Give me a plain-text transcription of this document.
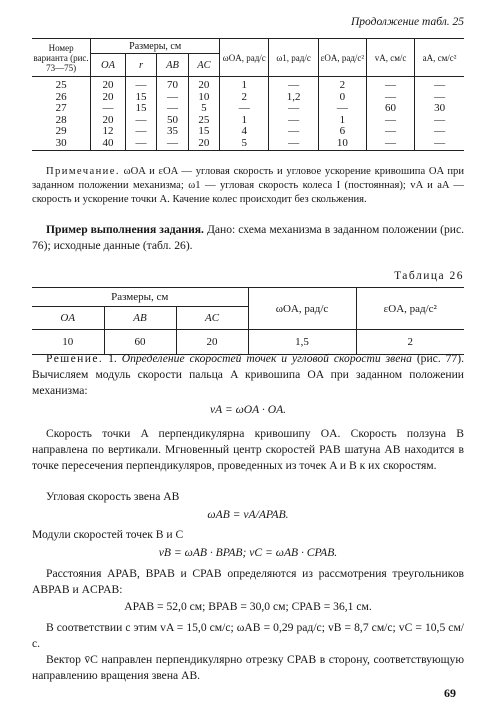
Продолжение табл. 25
Номер варианта (рис. 73—75)	Размеры, см				ωOA, рад/с	ω1, рад/с	εOA, рад/с²	vA, см/с	aA, см/с²
	OA	r	AB	AC					
25	20	—	70	20	1	—	2	—	—
26	20	15	—	10	2	1,2	0	—	—
27	—	15	—	5	—	—	—	60	30
28	20	—	50	25	1	—	1	—	—
29	12	—	35	15	4	—	6	—	—
30	40	—	—	20	5	—	10	—	—
Примечание. ωOA и εOA — угловая скорость и угловое ускорение кривошипа OA при заданном положении механизма; ω1 — угловая скорость колеса I (постоянная); vA и aA — скорость и ускорение точки A. Качение колес происходит без скольжения.
Пример выполнения задания. Дано: схема механизма в заданном положении (рис. 76); исходные данные (табл. 26).
Таблица 26
Размеры, см			ωOA, рад/с	εOA, рад/с²
OA	AB	AC		
10	60	20	1,5	2
Решение. 1. Определение скоростей точек и угловой скорости звена (рис. 77). Вычисляем модуль скорости пальца A кривошипа OA при заданном положении механизма:
vA = ωOA · OA.
Скорость точки A перпендикулярна кривошипу OA. Скорость ползуна B направлена по вертикали. Мгновенный центр скоростей PAB шатуна AB находится в точке пересечения перпендикуляров, проведенных из точек A и B к их скоростям.
Угловая скорость звена AB
ωAB = vA/APAB.
Модули скоростей точек B и C
vB = ωAB · BPAB; vC = ωAB · CPAB.
Расстояния APAB, BPAB и CPAB определяются из рассмотрения треугольников ABPAB и ACPAB:
APAB = 52,0 см; BPAB = 30,0 см; CPAB = 36,1 см.
В соответствии с этим vA = 15,0 см/с; ωAB = 0,29 рад/с; vB = 8,7 см/с; vC = 10,5 см/с.
Вектор v̄C направлен перпендикулярно отрезку CPAB в сторону, соответствующую направлению вращения звена AB.
69
